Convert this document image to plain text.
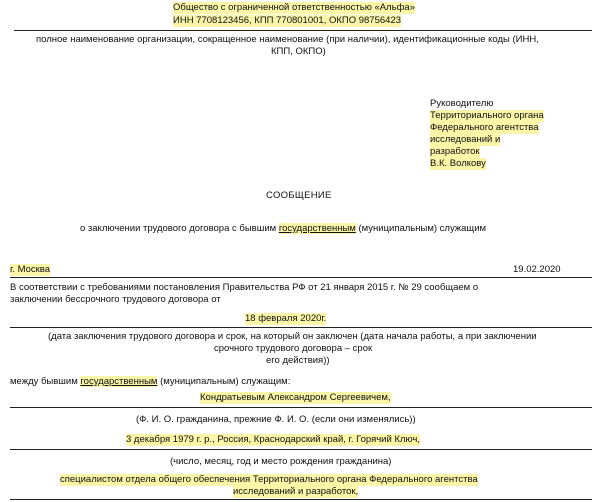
Общество с ограниченной ответственностью «Альфа»
ИНН 7708123456, КПП 770801001, ОКПО 98756423
полное наименование организации, сокращенное наименование (при наличии), идентификационные коды (ИНН,
КПП, ОКПО)
Руководителю
Территориального органа
Федерального агентства
исследований и
разработок
В.К. Волкову
СООБЩЕНИЕ
о заключении трудового договора с бывшим государственным (муниципальным) служащим
г. Москва	19.02.2020
В соответствии с требованиями постановления Правительства РФ от 21 января 2015 г. № 29 сообщаем о
заключении бессрочного трудового договора от
18 февраля 2020г.
(дата заключения трудового договора и срок, на который он заключен (дата начала работы, а при заключении
срочного трудового договора – срок
его действия))
между бывшим государственным (муниципальным) служащим:
Кондратьевым Александром Сергеевичем,
(Ф. И. О. гражданина, прежние Ф. И. О. (если они изменялись))
3 декабря 1979 г. р., Россия, Краснодарский край, г. Горячий Ключ,
(число, месяц, год и место рождения гражданина)
специалистом отдела общего обеспечения Территориального органа Федерального агентства
исследований и разработок,
